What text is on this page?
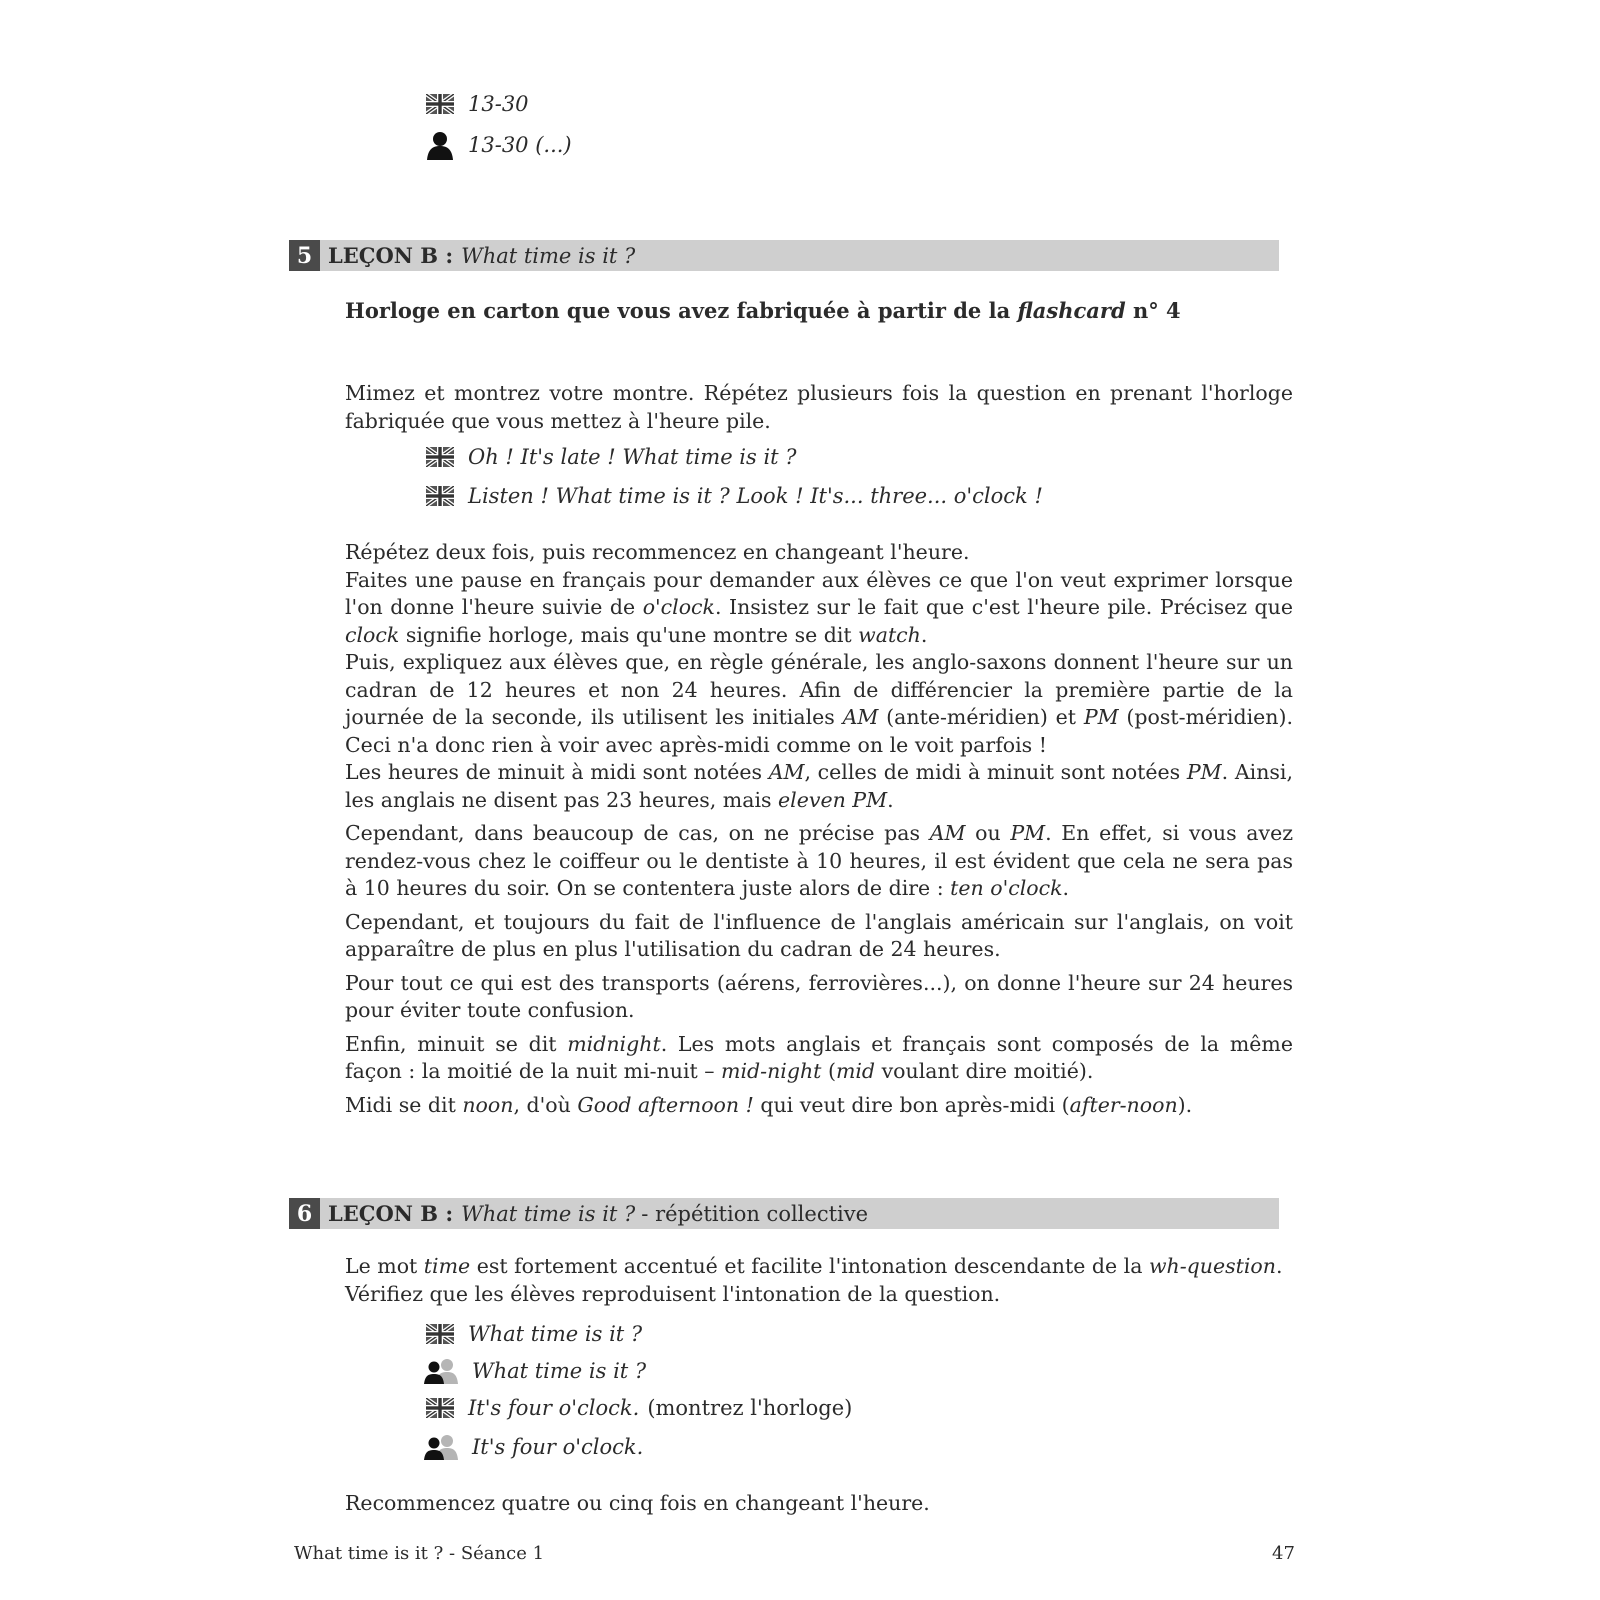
13-30
13-30 (...)
5 LEÇON B : What time is it ?
Horloge en carton que vous avez fabriquée à partir de la flashcard n° 4
Mimez et montrez votre montre. Répétez plusieurs fois la question en prenant l'horloge fabriquée que vous mettez à l'heure pile.
Oh ! It's late ! What time is it ?
Listen ! What time is it ? Look ! It's... three... o'clock !
Répétez deux fois, puis recommencez en changeant l'heure.
Faites une pause en français pour demander aux élèves ce que l'on veut exprimer lorsque l'on donne l'heure suivie de o'clock. Insistez sur le fait que c'est l'heure pile. Précisez que clock signifie horloge, mais qu'une montre se dit watch.
Puis, expliquez aux élèves que, en règle générale, les anglo-saxons donnent l'heure sur un cadran de 12 heures et non 24 heures. Afin de différencier la première partie de la journée de la seconde, ils utilisent les initiales AM (ante-méridien) et PM (post-méridien). Ceci n'a donc rien à voir avec après-midi comme on le voit parfois !
Les heures de minuit à midi sont notées AM, celles de midi à minuit sont notées PM. Ainsi, les anglais ne disent pas 23 heures, mais eleven PM.
Cependant, dans beaucoup de cas, on ne précise pas AM ou PM. En effet, si vous avez rendez-vous chez le coiffeur ou le dentiste à 10 heures, il est évident que cela ne sera pas à 10 heures du soir. On se contentera juste alors de dire : ten o'clock.
Cependant, et toujours du fait de l'influence de l'anglais américain sur l'anglais, on voit apparaître de plus en plus l'utilisation du cadran de 24 heures.
Pour tout ce qui est des transports (aérens, ferrovières...), on donne l'heure sur 24 heures pour éviter toute confusion.
Enfin, minuit se dit midnight. Les mots anglais et français sont composés de la même façon : la moitié de la nuit mi-nuit – mid-night (mid voulant dire moitié).
Midi se dit noon, d'où Good afternoon ! qui veut dire bon après-midi (after-noon).
6 LEÇON B : What time is it ? - répétition collective
Le mot time est fortement accentué et facilite l'intonation descendante de la wh-question.
Vérifiez que les élèves reproduisent l'intonation de la question.
What time is it ?
What time is it ?
It's four o'clock. (montrez l'horloge)
It's four o'clock.
Recommencez quatre ou cinq fois en changeant l'heure.
What time is it ? - Séance 1	47
